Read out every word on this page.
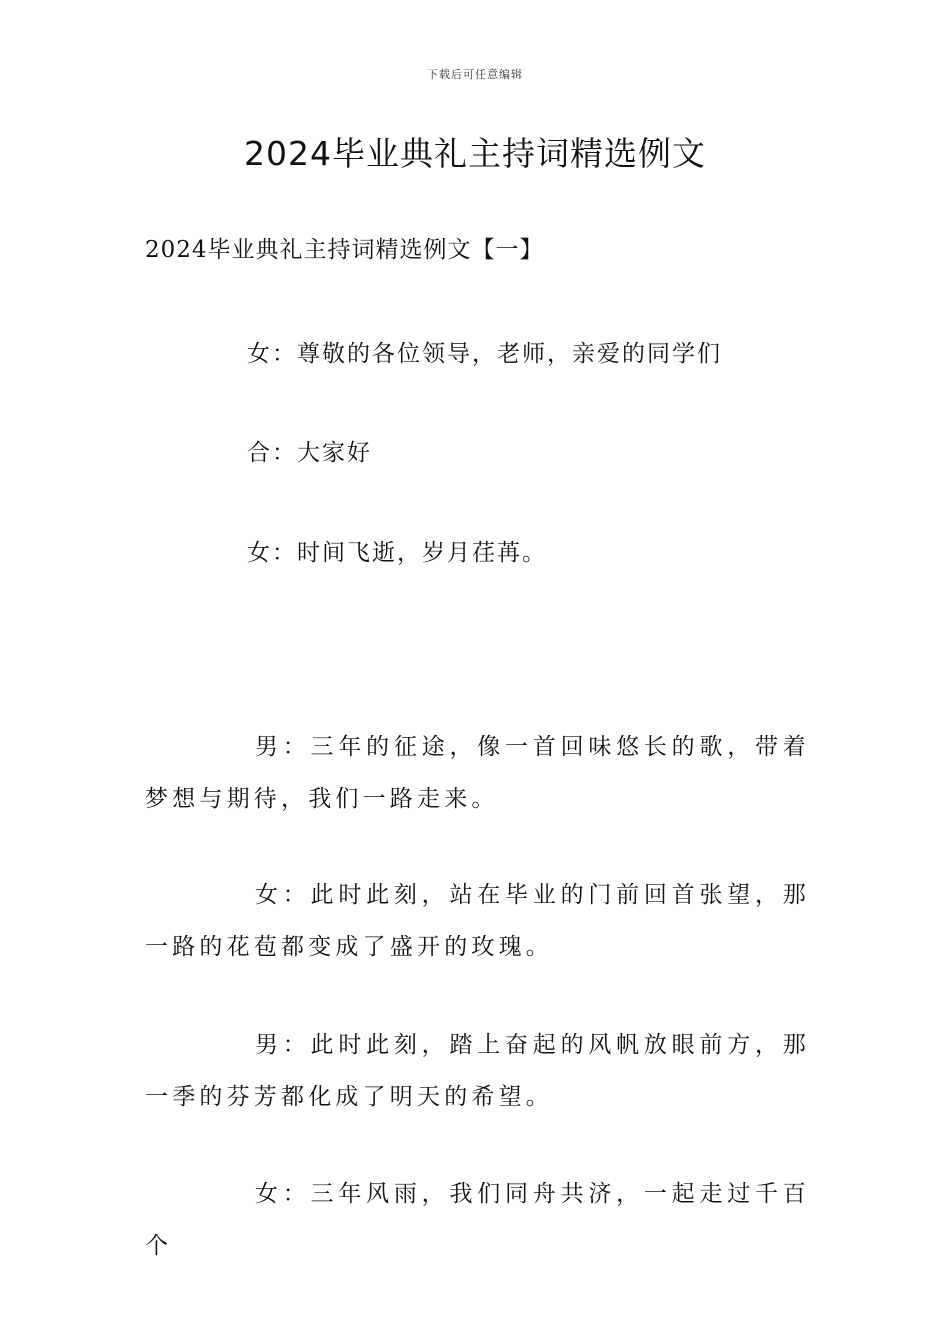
下载后可任意编辑
2024毕业典礼主持词精选例文
2024毕业典礼主持词精选例文【一】
女：尊敬的各位领导，老师，亲爱的同学们
合：大家好
女：时间飞逝，岁月荏苒。

男：三年的征途，像一首回味悠长的歌，带着梦想与期待，我们一路走来。

女：此时此刻，站在毕业的门前回首张望，那一路的花苞都变成了盛开的玫瑰。

男：此时此刻，踏上奋起的风帆放眼前方，那一季的芬芳都化成了明天的希望。

女：三年风雨，我们同舟共济，一起走过千百个
